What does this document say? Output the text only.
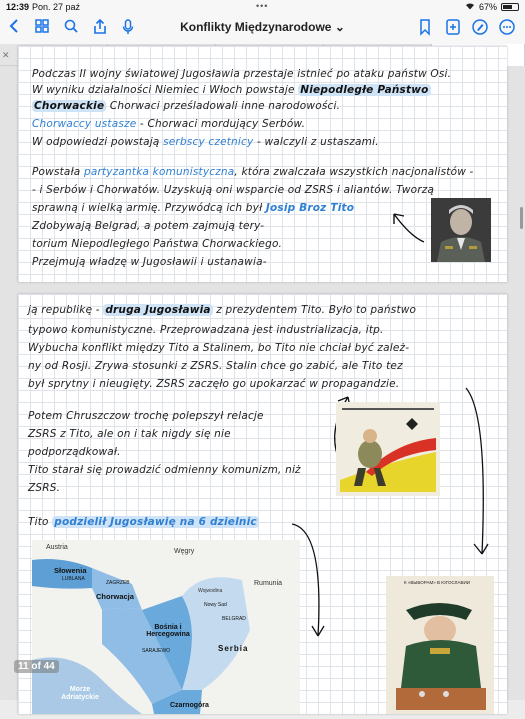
12:39 Pon. 27 paź	•••	67%
Konflikty Międzynarodowe ⌄
✕
Podczas II wojny światowej Jugosławia przestaje istnieć po ataku państw Osi.
W wyniku działalności Niemiec i Włoch powstaje Niepodległe Państwo
Chorwackie Chorwaci prześladowali inne narodowości.
Chorwaccy ustasze - Chorwaci mordujący Serbów.
W odpowiedzi powstają serbscy czetnicy - walczyli z ustaszami.
Powstała partyzantka komunistyczna, która zwalczała wszystkich nacjonalistów -
- i Serbów i Chorwatów. Uzyskują oni wsparcie od ZSRS i aliantów. Tworzą
sprawną i wielką armię. Przywódcą ich był Josip Broz Tito
Zdobywają Belgrad, a potem zajmują tery-
torium Niepodległego Państwa Chorwackiego.
Przejmują władzę w Jugosławii i ustanawia-
ją republikę - druga Jugosławia z prezydentem Tito. Było to państwo
typowo komunistyczne. Przeprowadzana jest industrializacja, itp.
Wybucha konflikt między Tito a Stalinem, bo Tito nie chciał być zależ-
ny od Rosji. Zrywa stosunki z ZSRS. Stalin chce go zabić, ale Tito tez
był sprytny i nieugięty. ZSRS zaczęło go upokarzać w propagandzie.
Potem Chruszczow trochę polepszył relacje
ZSRS z Tito, ale on i tak nigdy się nie
podporządkował.
Tito starał się prowadzić odmienny komunizm, niż
ZSRS.
Tito podzielił Jugosławię na 6 dzielnic
К «ВЫБОРАМ» В ЮГОСЛАВИИ
Austria
Węgry
Słowenia
LUBLANA
ZAGRZEB
Chorwacja
Rumunia
Wojwodina
Nowy Sad
BELGRAD
Bośnia i Hercegowina
SARAJEWO	Serbia
Morze Adriatyckie
Czarnogóra
11 of 44
